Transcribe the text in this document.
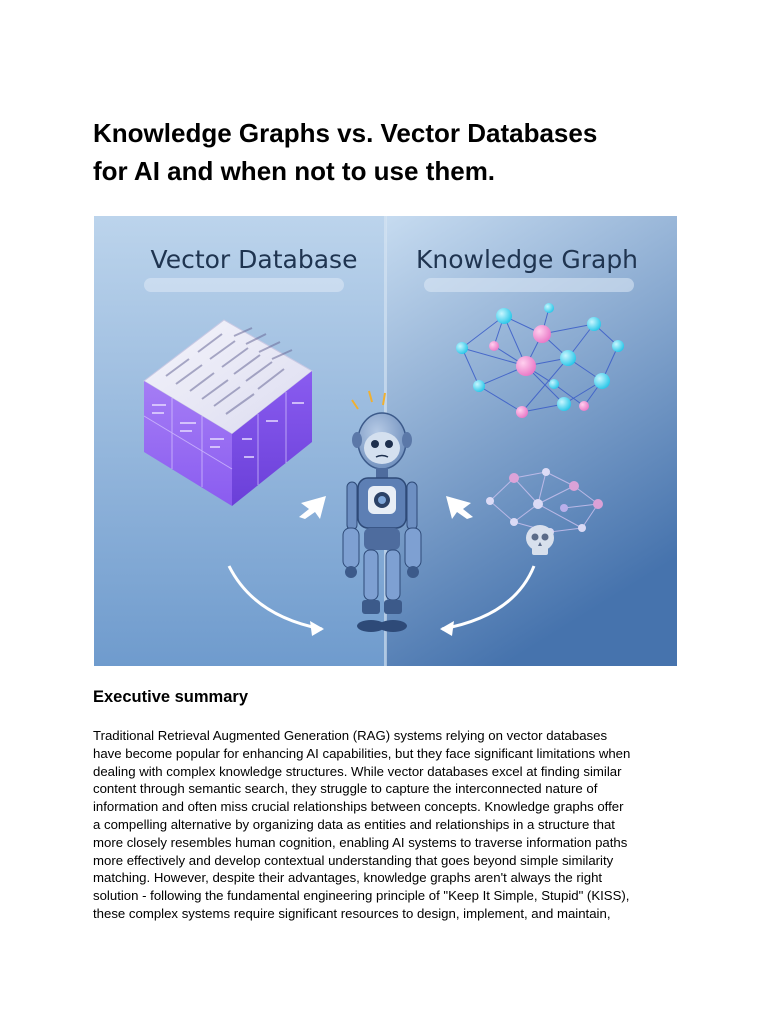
Knowledge Graphs vs. Vector Databases
for AI and when not to use them.
Vector Database Knowledge Graph
Executive summary

Traditional Retrieval Augmented Generation (RAG) systems relying on vector databases
have become popular for enhancing AI capabilities, but they face significant limitations when
dealing with complex knowledge structures. While vector databases excel at finding similar
content through semantic search, they struggle to capture the interconnected nature of
information and often miss crucial relationships between concepts. Knowledge graphs offer
a compelling alternative by organizing data as entities and relationships in a structure that
more closely resembles human cognition, enabling AI systems to traverse information paths
more effectively and develop contextual understanding that goes beyond simple similarity
matching. However, despite their advantages, knowledge graphs aren't always the right
solution - following the fundamental engineering principle of "Keep It Simple, Stupid" (KISS),
these complex systems require significant resources to design, implement, and maintain,
